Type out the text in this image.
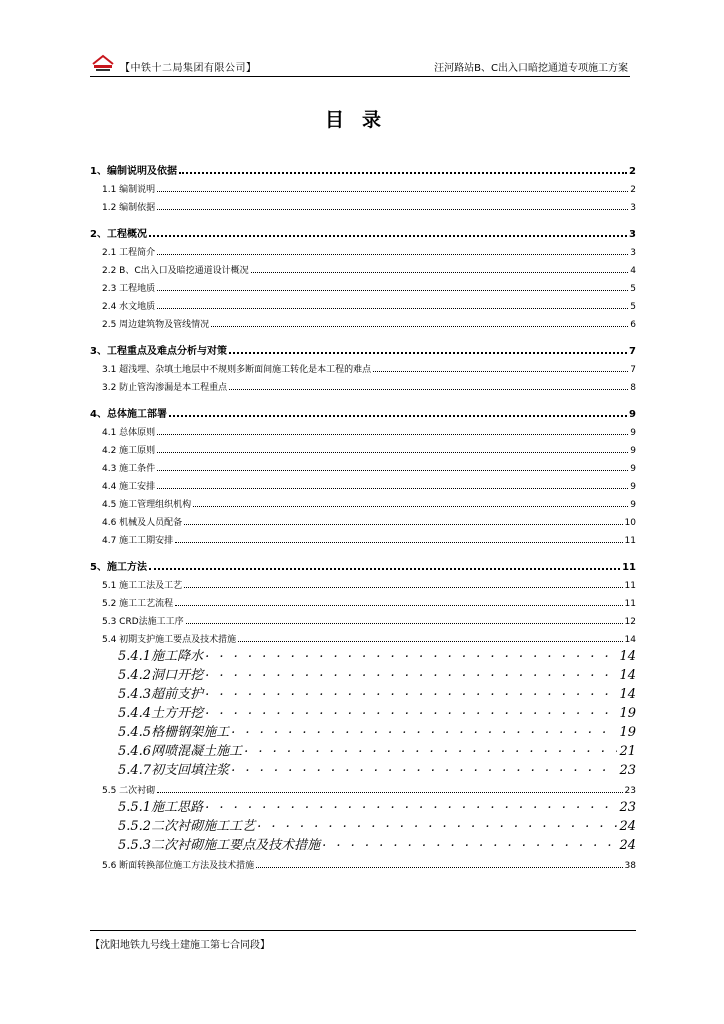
【中铁十二局集团有限公司】	汪河路站B、C出入口暗挖通道专项施工方案
目录
1、编制说明及依据	2
1.1 编制说明	2
1.2 编制依据	3
2、工程概况	3
2.1 工程简介	3
2.2 B、C出入口及暗挖通道设计概况	4
2.3 工程地质	5
2.4 水文地质	5
2.5 周边建筑物及管线情况	6
3、工程重点及难点分析与对策	7
3.1 超浅埋、杂填土地层中不规则多断面间施工转化是本工程的难点	7
3.2 防止管沟渗漏是本工程重点	8
4、总体施工部署	9
4.1 总体原则	9
4.2 施工原则	9
4.3 施工条件	9
4.4 施工安排	9
4.5 施工管理组织机构	9
4.6 机械及人员配备	10
4.7 施工工期安排	11
5、施工方法	11
5.1 施工工法及工艺	11
5.2 施工工艺流程	11
5.3 CRD法施工工序	12
5.4 初期支护施工要点及技术措施	14
5.4.1施工降水 . . .	14
5.4.2洞口开挖 . . .	14
5.4.3超前支护 . . .	14
5.4.4土方开挖 . . .	19
5.4.5格栅钢架施工 . . .	19
5.4.6网喷混凝土施工 . . .	21
5.4.7初支回填注浆 . . .	23
5.5 二次衬砌	23
5.5.1施工思路 . . .	23
5.5.2二次衬砌施工工艺 . . .	24
5.5.3二次衬砌施工要点及技术措施 . . .	24
5.6 断面转换部位施工方法及技术措施	38
【沈阳地铁九号线土建施工第七合同段】
